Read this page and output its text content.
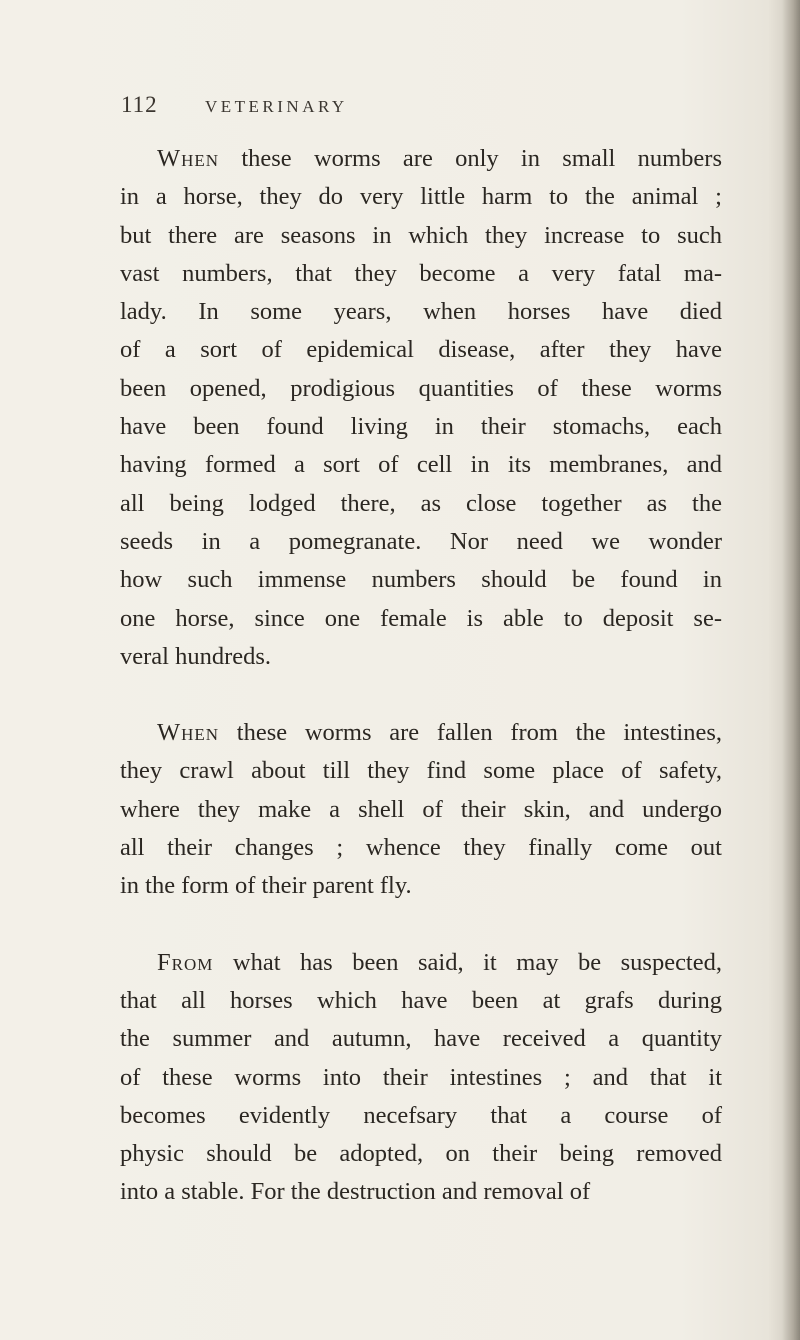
112	VETERINARY

When these worms are only in small numbers
in a horse, they do very little harm to the animal ;
but there are seasons in which they increase to such
vast numbers, that they become a very fatal ma-
lady. In some years, when horses have died
of a sort of epidemical disease, after they have
been opened, prodigious quantities of these worms
have been found living in their stomachs, each
having formed a sort of cell in its membranes, and
all being lodged there, as close together as the
seeds in a pomegranate. Nor need we wonder
how such immense numbers should be found in
one horse, since one female is able to deposit se-
veral hundreds.

When these worms are fallen from the intestines,
they crawl about till they find some place of safety,
where they make a shell of their skin, and undergo
all their changes ; whence they finally come out
in the form of their parent fly.

From what has been said, it may be suspected,
that all horses which have been at grafs during
the summer and autumn, have received a quantity
of these worms into their intestines ; and that it
becomes evidently necefsary that a course of
physic should be adopted, on their being removed
into a stable. For the destruction and removal of
